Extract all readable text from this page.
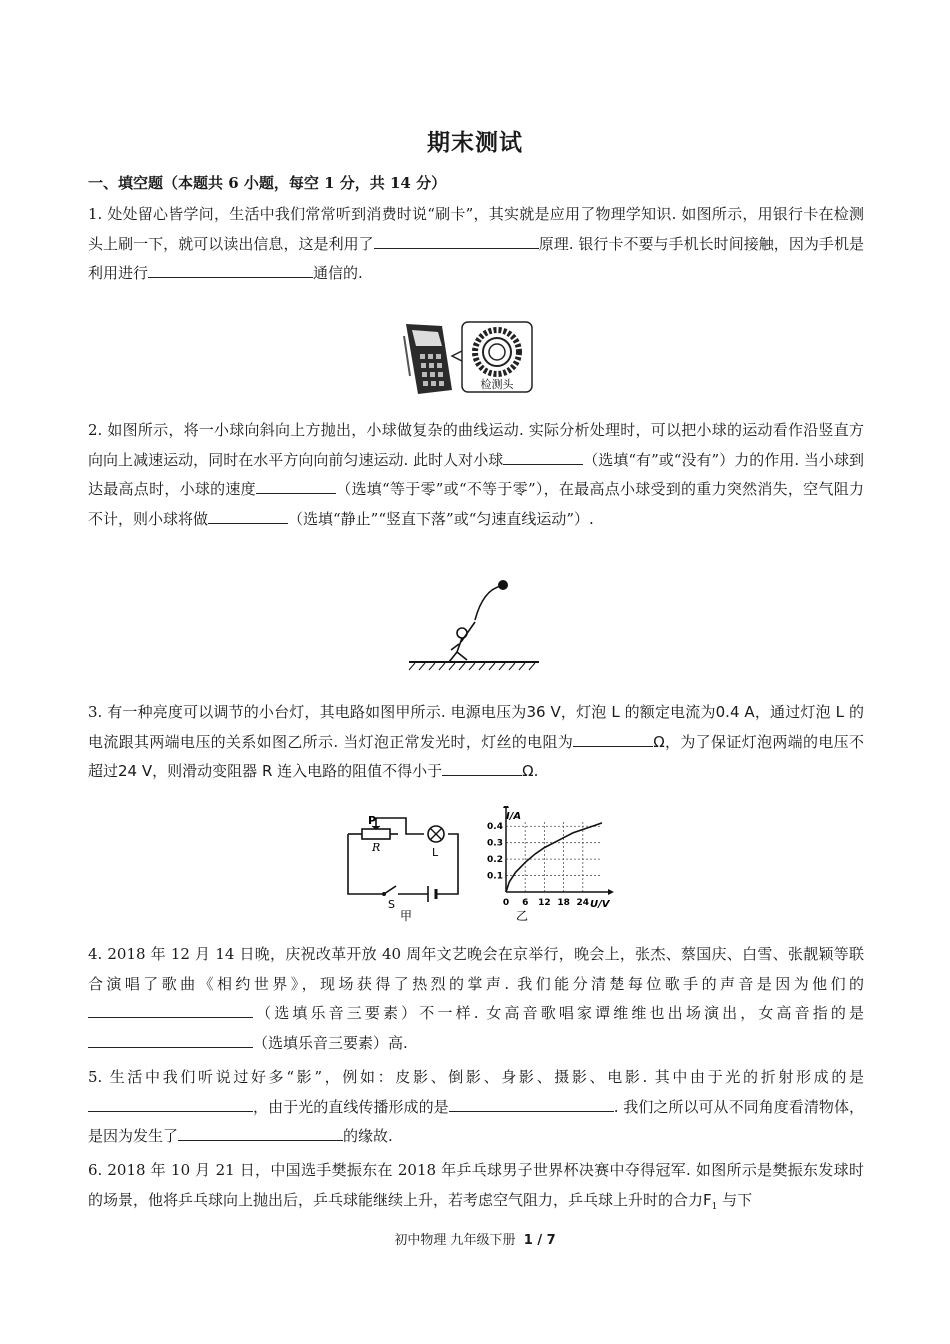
期末测试
一、填空题（本题共 6 小题，每空 1 分，共 14 分）

1. 处处留心皆学问，生活中我们常常听到消费时说“刷卡”，其实就是应用了物理学知识. 如图所示，用银行卡在检测头上刷一下，就可以读出信息，这是利用了	原理. 银行卡不要与手机长时间接触，因为手机是利用进行	通信的.

检测头

2. 如图所示，将一小球向斜向上方抛出，小球做复杂的曲线运动. 实际分析处理时，可以把小球的运动看作沿竖直方向向上减速运动，同时在水平方向向前匀速运动. 此时人对小球	（选填“有”或“没有”）力的作用. 当小球到达最高点时，小球的速度	（选填“等于零”或“不等于零”），在最高点小球受到的重力突然消失，空气阻力不计，则小球将做	（选填“静止”“竖直下落”或“匀速直线运动”）.

3. 有一种亮度可以调节的小台灯，其电路如图甲所示. 电源电压为36 V，灯泡 L 的额定电流为0.4 A，通过灯泡 L 的电流跟其两端电压的关系如图乙所示. 当灯泡正常发光时，灯丝的电阻为	Ω，为了保证灯泡两端的电压不超过24 V，则滑动变阻器 R 连入电路的阻值不得小于	Ω.

P
R	L
S
甲
I/A
U/V
乙
0 6 12 18 24
0.1
0.2
0.3
0.4

4. 2018 年 12 月 14 日晚，庆祝改革开放 40 周年文艺晚会在京举行，晚会上，张杰、蔡国庆、白雪、张靓颖等联合演唱了歌曲《相约世界》，现场获得了热烈的掌声. 我们能分清楚每位歌手的声音是因为他们的（选填乐音三要素）不一样. 女高音歌唱家谭维维也出场演出，女高音指的是（选填乐音三要素）高.

5. 生活中我们听说过好多“影”，例如：皮影、倒影、身影、摄影、电影. 其中由于光的折射形成的是，由于光的直线传播形成的是	. 我们之所以可从不同角度看清物体，是因为发生了	的缘故.

6. 2018 年 10 月 21 日，中国选手樊振东在 2018 年乒乓球男子世界杯决赛中夺得冠军. 如图所示是樊振东发球时的场景，他将乒乓球向上抛出后，乒乓球能继续上升，若考虑空气阻力，乒乓球上升时的合力$F_1$ 与下

初中物理 九年级下册 1 / 7
